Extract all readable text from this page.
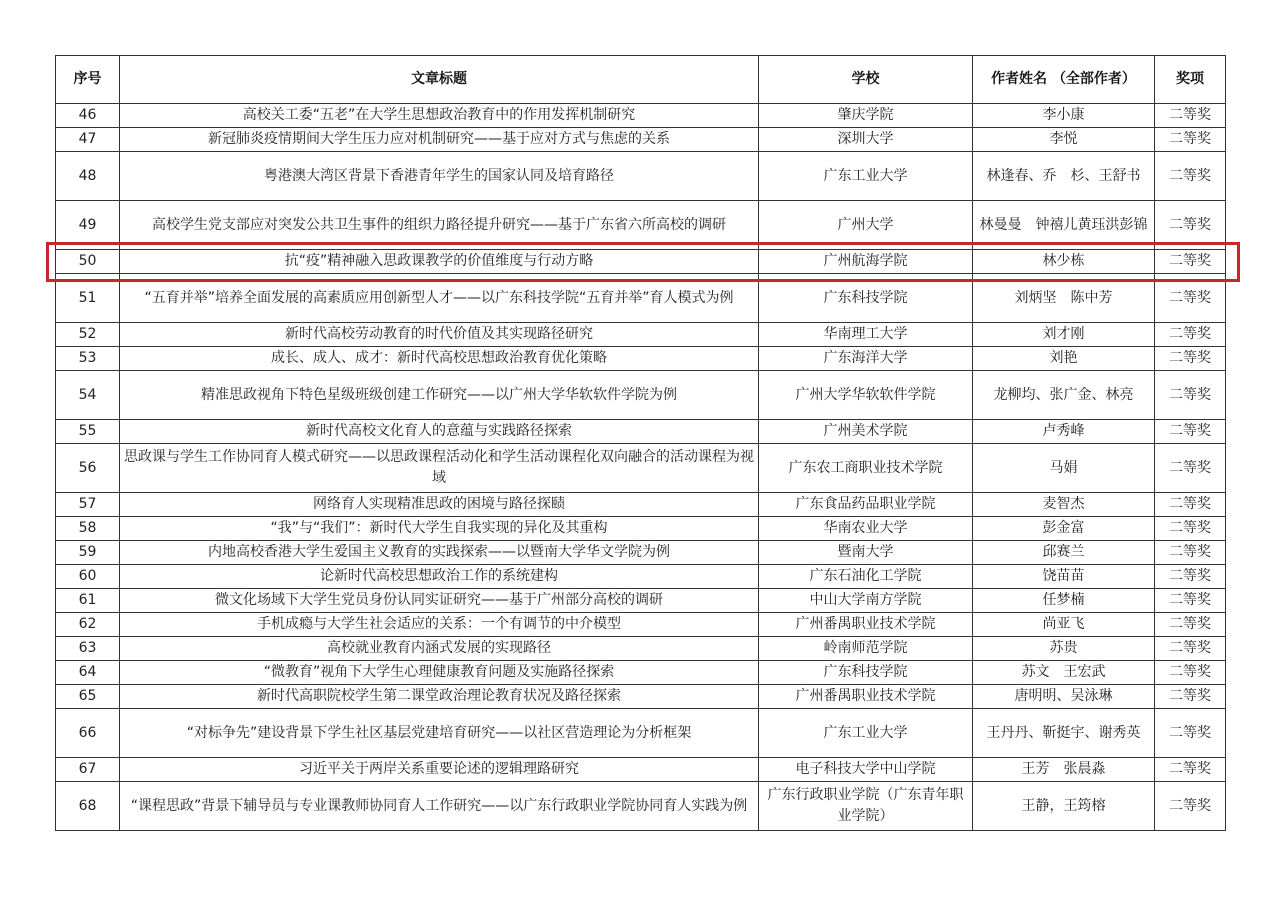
序号	文章标题	学校	作者姓名 （全部作者）	奖项
46	高校关工委“五老”在大学生思想政治教育中的作用发挥机制研究	肇庆学院	李小康	二等奖
47	新冠肺炎疫情期间大学生压力应对机制研究——基于应对方式与焦虑的关系	深圳大学	李悦	二等奖
48	粤港澳大湾区背景下香港青年学生的国家认同及培育路径	广东工业大学	林逢春、乔　杉、王舒书	二等奖
49	高校学生党支部应对突发公共卫生事件的组织力路径提升研究——基于广东省六所高校的调研	广州大学	林曼曼　钟禧儿黄珏洪彭锦	二等奖
50	抗“疫”精神融入思政课教学的价值维度与行动方略	广州航海学院	林少栋	二等奖
51	“五育并举”培养全面发展的高素质应用创新型人才——以广东科技学院“五育并举”育人模式为例	广东科技学院	刘炳坚　陈中芳	二等奖
52	新时代高校劳动教育的时代价值及其实现路径研究	华南理工大学	刘才刚	二等奖
53	成长、成人、成才：新时代高校思想政治教育优化策略	广东海洋大学	刘艳	二等奖
54	精准思政视角下特色星级班级创建工作研究——以广州大学华软软件学院为例	广州大学华软软件学院	龙柳均、张广金、林亮	二等奖
55	新时代高校文化育人的意蕴与实践路径探索	广州美术学院	卢秀峰	二等奖
56	思政课与学生工作协同育人模式研究——以思政课程活动化和学生活动课程化双向融合的活动课程为视域	广东农工商职业技术学院	马娟	二等奖
57	网络育人实现精准思政的困境与路径探赜	广东食品药品职业学院	麦智杰	二等奖
58	“我”与“我们”：新时代大学生自我实现的异化及其重构	华南农业大学	彭金富	二等奖
59	内地高校香港大学生爱国主义教育的实践探索——以暨南大学华文学院为例	暨南大学	邱赛兰	二等奖
60	论新时代高校思想政治工作的系统建构	广东石油化工学院	饶苗苗	二等奖
61	微文化场域下大学生党员身份认同实证研究——基于广州部分高校的调研	中山大学南方学院	任梦楠	二等奖
62	手机成瘾与大学生社会适应的关系：一个有调节的中介模型	广州番禺职业技术学院	尚亚飞	二等奖
63	高校就业教育内涵式发展的实现路径	岭南师范学院	苏贵	二等奖
64	“微教育”视角下大学生心理健康教育问题及实施路径探索	广东科技学院	苏文　王宏武	二等奖
65	新时代高职院校学生第二课堂政治理论教育状况及路径探索	广州番禺职业技术学院	唐明明、吴泳琳	二等奖
66	“对标争先”建设背景下学生社区基层党建培育研究——以社区营造理论为分析框架	广东工业大学	王丹丹、靳挺宇、谢秀英	二等奖
67	习近平关于两岸关系重要论述的逻辑理路研究	电子科技大学中山学院	王芳　张晨淼	二等奖
68	“课程思政”背景下辅导员与专业课教师协同育人工作研究——以广东行政职业学院协同育人实践为例	广东行政职业学院（广东青年职业学院）	王静，王筠榕	二等奖
